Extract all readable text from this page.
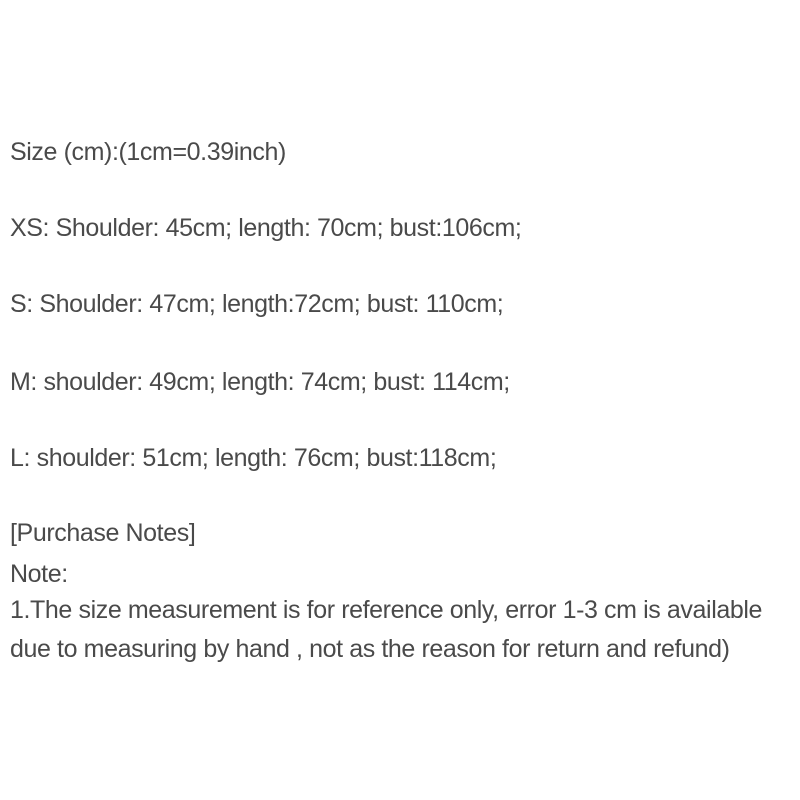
Size (cm):(1cm=0.39inch)
XS: Shoulder: 45cm; length: 70cm; bust:106cm;
S: Shoulder: 47cm; length:72cm; bust: 110cm;
M: shoulder: 49cm; length: 74cm; bust: 114cm;
L: shoulder: 51cm; length: 76cm; bust:118cm;
[Purchase Notes]
Note:
1.The size measurement is for reference only, error 1-3 cm is available
due to measuring by hand , not as the reason for return and refund)
